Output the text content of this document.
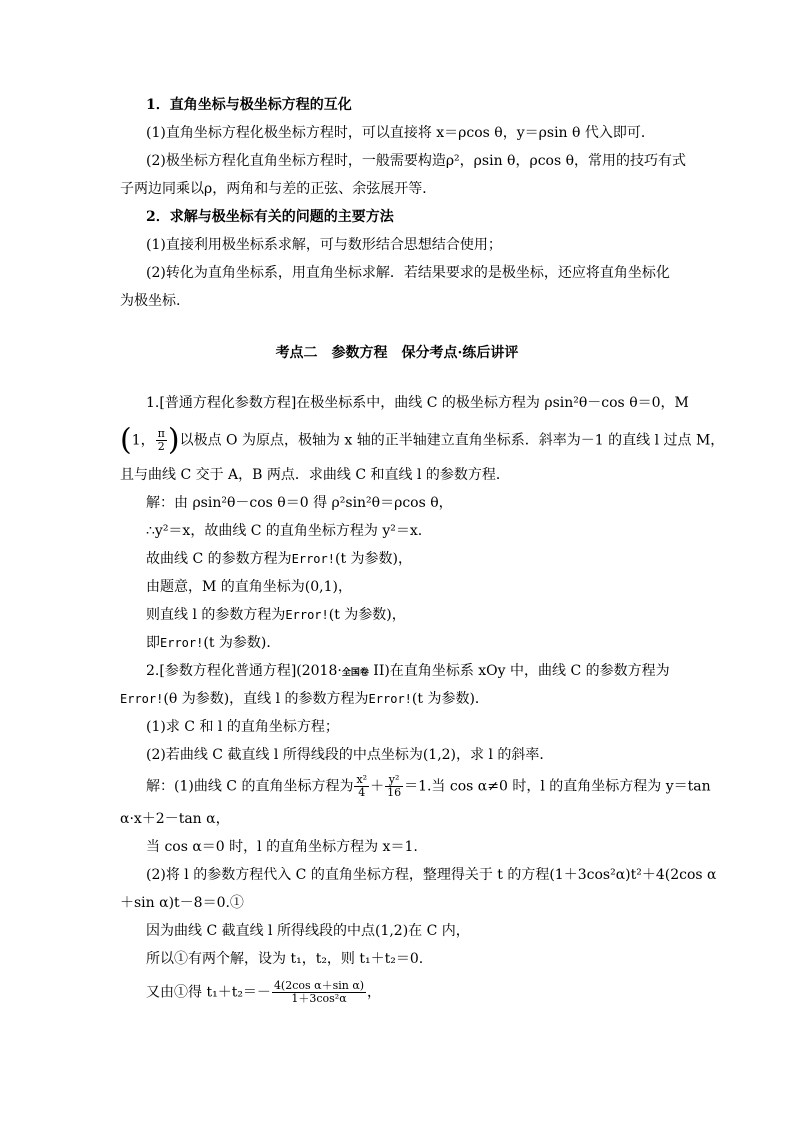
1．直角坐标与极坐标方程的互化
(1)直角坐标方程化极坐标方程时，可以直接将 x＝ρcos θ，y＝ρsin θ 代入即可．
(2)极坐标方程化直角坐标方程时，一般需要构造ρ²，ρsin θ，ρcos θ，常用的技巧有式
子两边同乘以ρ，两角和与差的正弦、余弦展开等．
2．求解与极坐标有关的问题的主要方法
(1)直接利用极坐标系求解，可与数形结合思想结合使用；
(2)转化为直角坐标系，用直角坐标求解．若结果要求的是极坐标，还应将直角坐标化
为极坐标.
考点二　参数方程　保分考点·练后讲评
1.[普通方程化参数方程]在极坐标系中，曲线 C 的极坐标方程为 ρsin²θ－cos θ＝0，M
(1， $\frac{\pi}{2}$ )以极点 O 为原点，极轴为 x 轴的正半轴建立直角坐标系．斜率为－1 的直线 l 过点 M，
且与曲线 C 交于 A，B 两点．求曲线 C 和直线 l 的参数方程．
解：由 ρsin²θ－cos θ＝0 得 ρ²sin²θ＝ρcos θ，
∴y²＝x，故曲线 C 的直角坐标方程为 y²＝x.
故曲线 C 的参数方程为Error!(t 为参数)，
由题意，M 的直角坐标为(0,1)，
则直线 l 的参数方程为Error!(t 为参数)，
即Error!(t 为参数)．
2.[参数方程化普通方程](2018·全国卷 II)在直角坐标系 xOy 中，曲线 C 的参数方程为
Error!(θ 为参数)，直线 l 的参数方程为Error!(t 为参数)．
(1)求 C 和 l 的直角坐标方程；
(2)若曲线 C 截直线 l 所得线段的中点坐标为(1,2)，求 l 的斜率．
解：(1)曲线 C 的直角坐标方程为 $\frac{\text{x²}}{4} + \frac{\text{y²}}{16} =1$.当 cos α≠0 时，l 的直角坐标方程为 y＝tan
α·x＋2－tan α，
当 cos α＝0 时，l 的直角坐标方程为 x＝1.
(2)将 l 的参数方程代入 C 的直角坐标方程，整理得关于 t 的方程(1＋3cos²α)t²＋4(2cos α
＋sin α)t－8＝0.①
因为曲线 C 截直线 l 所得线段的中点(1,2)在 C 内，
所以①有两个解，设为 t₁，t₂，则 t₁＋t₂＝0.
又由①得 $t_1+t_2=- \frac{\text{4(2cos α＋sin α)}}{\text{1＋3cos²α}}$ ，
